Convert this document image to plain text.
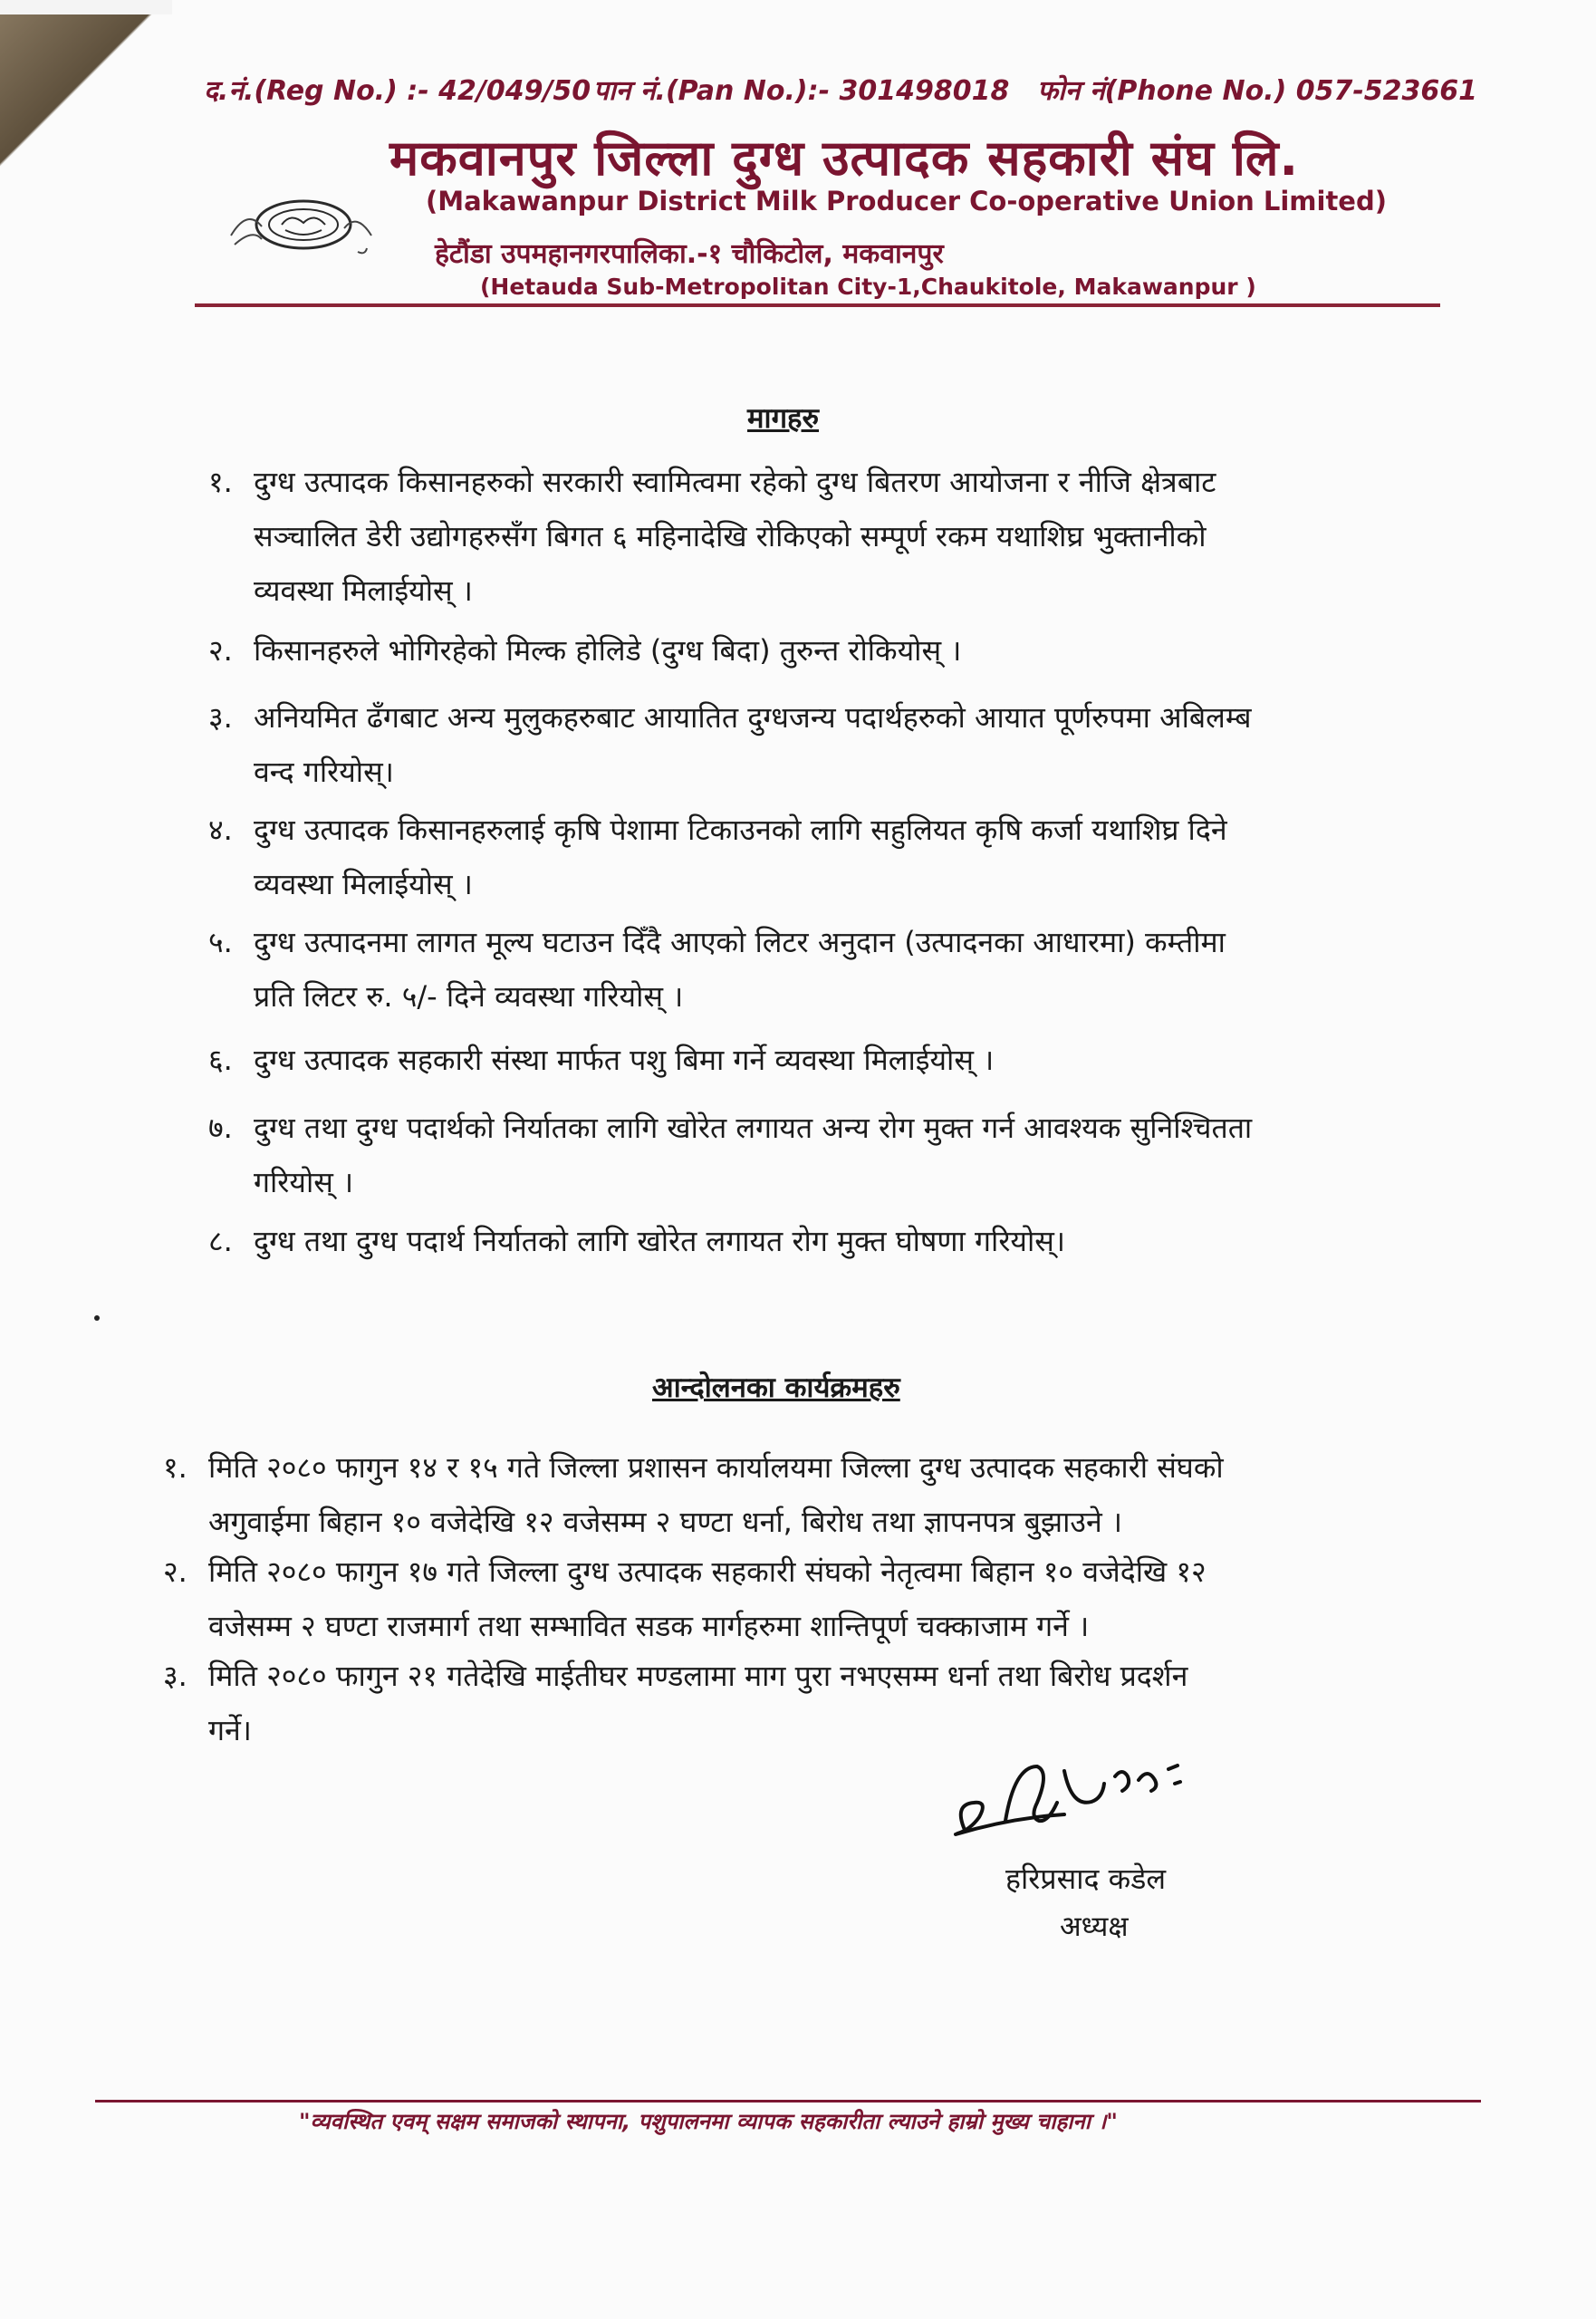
द.नं.(Reg No.) :- 42/049/50 पान नं.(Pan No.):- 301498018 फोन नं(Phone No.) 057-523661
मकवानपुर जिल्ला दुग्ध उत्पादक सहकारी संघ लि.
(Makawanpur District Milk Producer Co-operative Union Limited)
हेटौंडा उपमहानगरपालिका.-१ चौकिटोल, मकवानपुर
(Hetauda Sub-Metropolitan City-1,Chaukitole, Makawanpur )
मागहरु
१. दुग्ध उत्पादक किसानहरुको सरकारी स्वामित्वमा रहेको दुग्ध बितरण आयोजना र नीजि क्षेत्रबाट
सञ्चालित डेरी उद्योगहरुसँग बिगत ६ महिनादेखि रोकिएको सम्पूर्ण रकम यथाशिघ्र भुक्तानीको
व्यवस्था मिलाईयोस् ।
२. किसानहरुले भोगिरहेको मिल्क होलिडे (दुग्ध बिदा) तुरुन्त रोकियोस् ।
३. अनियमित ढँगबाट अन्य मुलुकहरुबाट आयातित दुग्धजन्य पदार्थहरुको आयात पूर्णरुपमा अबिलम्ब
वन्द गरियोस्।
४. दुग्ध उत्पादक किसानहरुलाई कृषि पेशामा टिकाउनको लागि सहुलियत कृषि कर्जा यथाशिघ्र दिने
व्यवस्था मिलाईयोस् ।
५. दुग्ध उत्पादनमा लागत मूल्य घटाउन दिँदै आएको लिटर अनुदान (उत्पादनका आधारमा) कम्तीमा
प्रति लिटर रु. ५/- दिने व्यवस्था गरियोस् ।
६. दुग्ध उत्पादक सहकारी संस्था मार्फत पशु बिमा गर्ने व्यवस्था मिलाईयोस् ।
७. दुग्ध तथा दुग्ध पदार्थको निर्यातका लागि खोरेत लगायत अन्य रोग मुक्त गर्न आवश्यक सुनिश्चितता
गरियोस् ।
८. दुग्ध तथा दुग्ध पदार्थ निर्यातको लागि खोरेत लगायत रोग मुक्त घोषणा गरियोस्।
आन्दोलनका कार्यक्रमहरु
१. मिति २०८० फागुन १४ र १५ गते जिल्ला प्रशासन कार्यालयमा जिल्ला दुग्ध उत्पादक सहकारी संघको
अगुवाईमा बिहान १० वजेदेखि १२ वजेसम्म २ घण्टा धर्ना, बिरोध तथा ज्ञापनपत्र बुझाउने ।
२. मिति २०८० फागुन १७ गते जिल्ला दुग्ध उत्पादक सहकारी संघको नेतृत्वमा बिहान १० वजेदेखि १२
वजेसम्म २ घण्टा राजमार्ग तथा सम्भावित सडक मार्गहरुमा शान्तिपूर्ण चक्काजाम गर्ने ।
३. मिति २०८० फागुन २१ गतेदेखि माईतीघर मण्डलामा माग पुरा नभएसम्म धर्ना तथा बिरोध प्रदर्शन
गर्ने।
हरिप्रसाद कडेल
अध्यक्ष
"व्यवस्थित एवम् सक्षम समाजको स्थापना, पशुपालनमा व्यापक सहकारीता ल्याउने हाम्रो मुख्य चाहाना ।"
